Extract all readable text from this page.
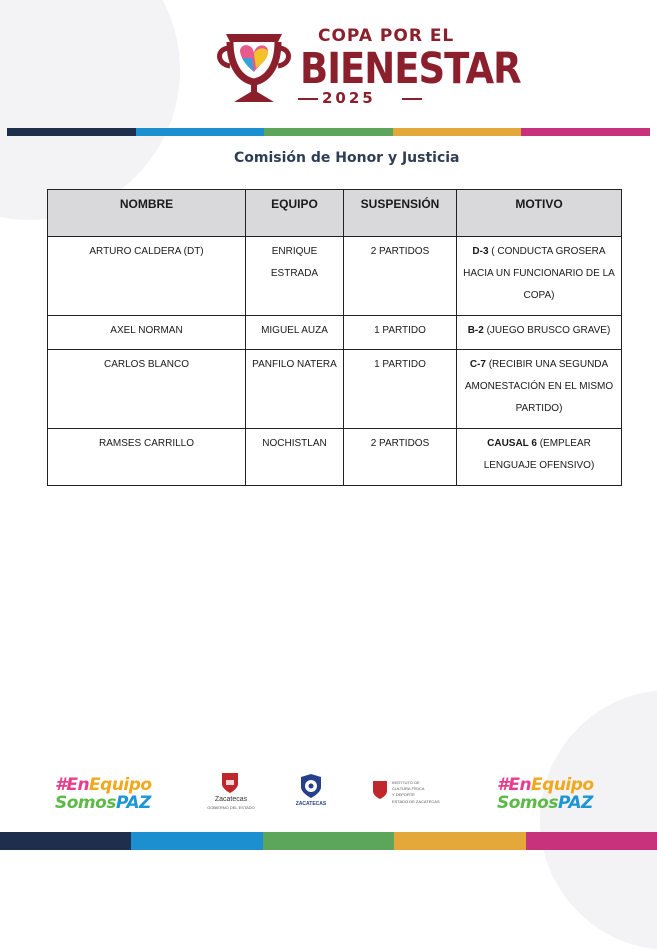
COPA POR EL
BIENESTAR
2025
Comisión de Honor y Justicia
NOMBRE	EQUIPO	SUSPENSIÓN	MOTIVO
ARTURO CALDERA (DT)	ENRIQUE ESTRADA	2 PARTIDOS	D-3 ( CONDUCTA GROSERA HACIA UN FUNCIONARIO DE LA COPA)
AXEL NORMAN	MIGUEL AUZA	1 PARTIDO	B-2 (JUEGO BRUSCO GRAVE)
CARLOS BLANCO	PANFILO NATERA	1 PARTIDO	C-7 (RECIBIR UNA SEGUNDA AMONESTACIÓN EN EL MISMO PARTIDO)
RAMSES CARRILLO	NOCHISTLAN	2 PARTIDOS	CAUSAL 6 (EMPLEAR LENGUAJE OFENSIVO)
#EnEquipo
SomosPAZ	Zacatecas
GOBIERNO DEL ESTADO
ZACATECAS
INSTITUTO DE CULTURA FÍSICA Y DEPORTE
ESTADO DE ZACATECAS
#EnEquipo
SomosPAZ
